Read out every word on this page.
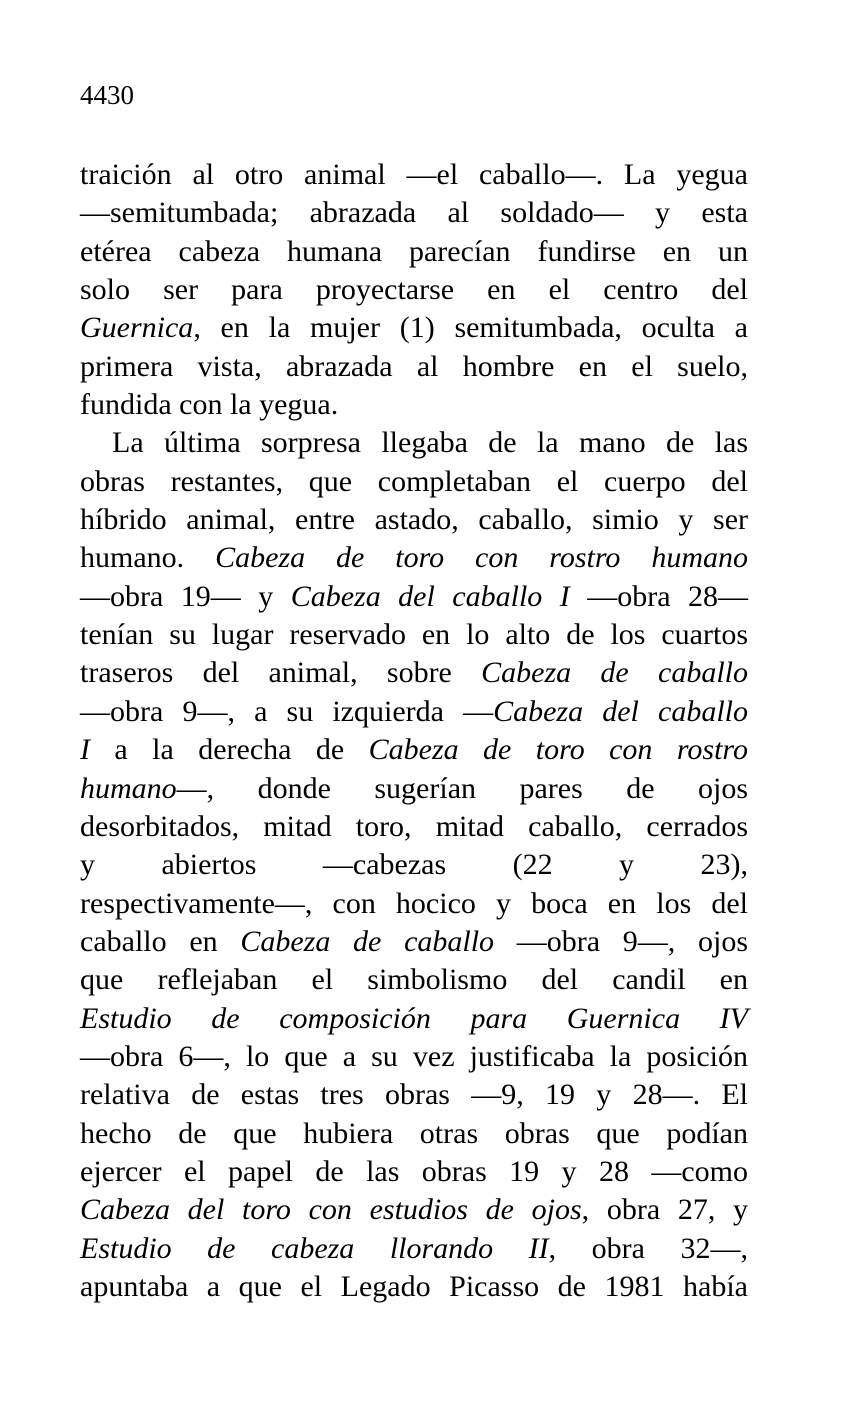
4430

traición al otro animal —el caballo—. La yegua
—semitumbada; abrazada al soldado— y esta
etérea cabeza humana parecían fundirse en un
solo ser para proyectarse en el centro del
Guernica, en la mujer (1) semitumbada, oculta a
primera vista, abrazada al hombre en el suelo,
fundida con la yegua.

La última sorpresa llegaba de la mano de las
obras restantes, que completaban el cuerpo del
híbrido animal, entre astado, caballo, simio y ser
humano. Cabeza de toro con rostro humano
—obra 19— y Cabeza del caballo I —obra 28—
tenían su lugar reservado en lo alto de los cuartos
traseros del animal, sobre Cabeza de caballo
—obra 9—, a su izquierda —Cabeza del caballo
I a la derecha de Cabeza de toro con rostro
humano—, donde sugerían pares de ojos
desorbitados, mitad toro, mitad caballo, cerrados
y abiertos —cabezas (22 y 23),
respectivamente—, con hocico y boca en los del
caballo en Cabeza de caballo —obra 9—, ojos
que reflejaban el simbolismo del candil en
Estudio de composición para Guernica IV
—obra 6—, lo que a su vez justificaba la posición
relativa de estas tres obras —9, 19 y 28—. El
hecho de que hubiera otras obras que podían
ejercer el papel de las obras 19 y 28 —como
Cabeza del toro con estudios de ojos, obra 27, y
Estudio de cabeza llorando II, obra 32—,
apuntaba a que el Legado Picasso de 1981 había
